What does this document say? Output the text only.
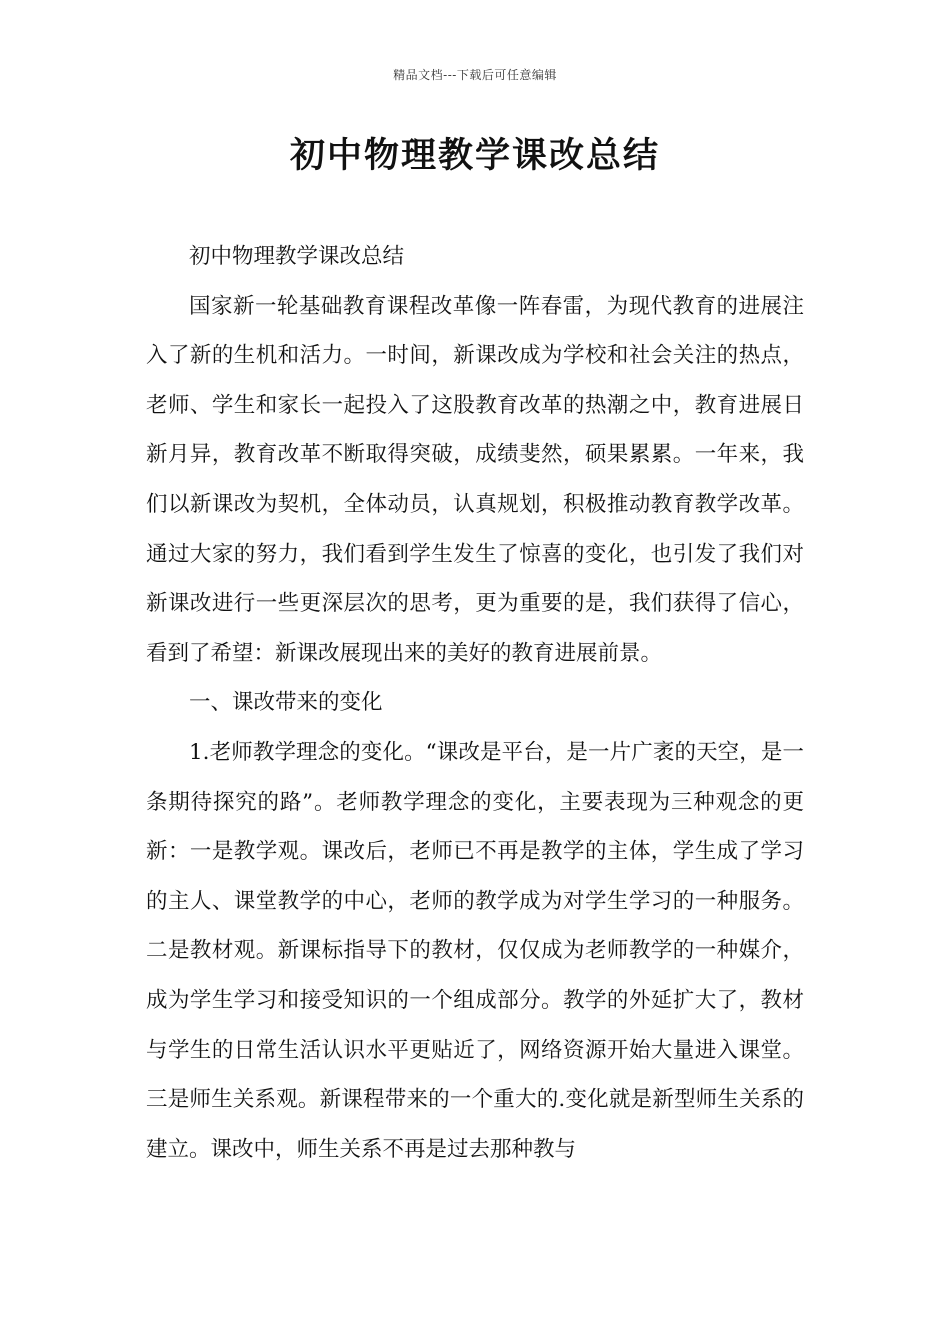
精品文档---下载后可任意编辑
初中物理教学课改总结

初中物理教学课改总结

国家新一轮基础教育课程改革像一阵春雷，为现代教育的进展注入了新的生机和活力。一时间，新课改成为学校和社会关注的热点，老师、学生和家长一起投入了这股教育改革的热潮之中，教育进展日新月异，教育改革不断取得突破，成绩斐然，硕果累累。一年来，我们以新课改为契机，全体动员，认真规划，积极推动教育教学改革。通过大家的努力，我们看到学生发生了惊喜的变化，也引发了我们对新课改进行一些更深层次的思考，更为重要的是，我们获得了信心，看到了希望：新课改展现出来的美好的教育进展前景。

一、课改带来的变化

1.老师教学理念的变化。“课改是平台，是一片广袤的天空，是一条期待探究的路”。老师教学理念的变化，主要表现为三种观念的更新：一是教学观。课改后，老师已不再是教学的主体，学生成了学习的主人、课堂教学的中心，老师的教学成为对学生学习的一种服务。二是教材观。新课标指导下的教材，仅仅成为老师教学的一种媒介，成为学生学习和接受知识的一个组成部分。教学的外延扩大了，教材与学生的日常生活认识水平更贴近了，网络资源开始大量进入课堂。三是师生关系观。新课程带来的一个重大的.变化就是新型师生关系的建立。课改中，师生关系不再是过去那种教与
